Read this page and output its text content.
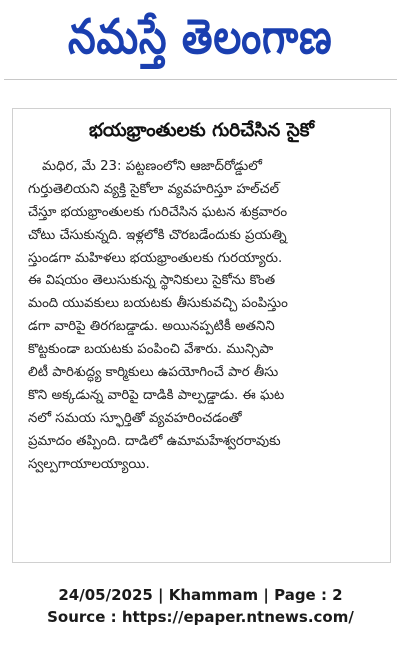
నమస్తే తెలంగాణ
భయభ్రాంతులకు గురిచేసిన సైకో
మధిర, మే 23: పట్టణంలోని ఆజాద్‌రోడ్డులో
గుర్తుతెలియని వ్యక్తి సైకోలా వ్యవహరిస్తూ హల్‌చల్
చేస్తూ భయభ్రాంతులకు గురిచేసిన ఘటన శుక్రవారం
చోటు చేసుకున్నది. ఇళ్లలోకి చొరబడేందుకు ప్రయత్ని
స్తుండగా మహిళలు భయభ్రాంతులకు గురయ్యారు.
ఈ విషయం తెలుసుకున్న స్థానికులు సైకోను కొంత
మంది యువకులు బయటకు తీసుకువచ్చి పంపిస్తుం
డగా వారిపై తిరగబడ్డాడు. అయినప్పటికీ అతనిని
కొట్టకుండా బయటకు పంపించి వేశారు. మున్సిపా
లిటీ పారిశుద్ధ్య కార్మికులు ఉపయోగించే పార తీసు
కొని అక్కడున్న వారిపై దాడికి పాల్పడ్డాడు. ఈ ఘట
నలో సమయ స్ఫూర్తితో వ్యవహరించడంతో
ప్రమాదం తప్పింది. దాడిలో ఉమామహేశ్వరరావుకు
స్వల్పగాయాలయ్యాయి.
24/05/2025 | Khammam | Page : 2
Source : https://epaper.ntnews.com/
